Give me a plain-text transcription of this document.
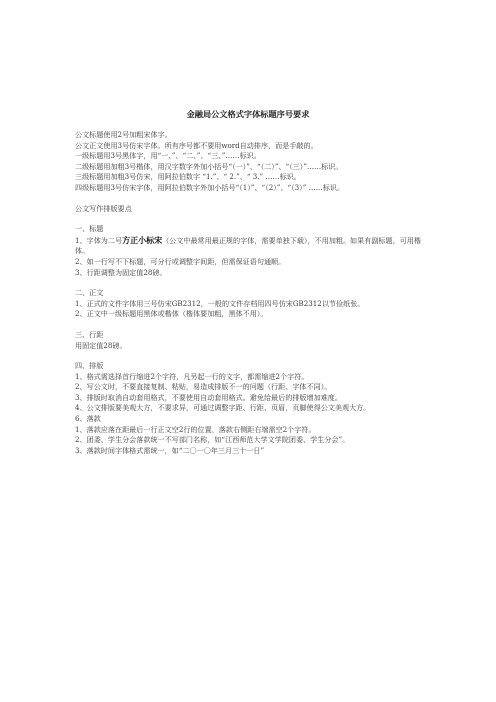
金融局公文格式字体标题序号要求

公文标题使用2号加粗宋体字。

公文正文使用3号仿宋字体。所有序号都不要用word自动排序，而是手敲的。

一级标题用3号黑体字，用“一、”、“二、”、“三、”……标识。

二级标题用加粗3号楷体，用汉字数字外加小括号“（一）”、“（二）”、“（三）”……标识。

三级标题用加粗3号仿宋，用阿拉伯数字 “1.”、“ 2.”、“ 3.” ……标识。

四级标题用3号仿宋字体，用阿拉伯数字外加小括号“（1）”、“（2）”、“（3）” ……标识。

公文写作排版要点

一、标题

1、字体为二号方正小标宋（公文中最常用最正规的字体，需要单独下载），不用加粗。如果有副标题，可用楷体。

2、如一行写不下标题，可分行或调整字间距，但需保证语句通顺。

3、行距调整为固定值28磅。

二、正文

1、正式的文件字体用三号仿宋GB2312，一般的文件存档用四号仿宋GB2312以节俭纸张。

2、正文中一级标题用黑体或楷体（楷体要加粗，黑体不用）。

三、行距

用固定值28磅。

四、排版

1、格式需选择首行缩进2个字符，凡另起一行的文字，都需缩进2个字符。

2、写公文时，不要直接复制、粘贴，易造成排版不一的问题（行距、字体不同）。

3、排版时取消自动套用格式，不要使用自动套用格式。避免给最后的排版增加难度。

4、公文排版要美观大方，不要求异，可通过调整字距、行距、页眉，页脚使得公文美观大方。

6、落款

1、落款应落在距最后一行正文空2行的位置，落款右侧距右端需空2个字符。

2、团委、学生分会落款统一不写部门名称，如“江西师范大学文学院团委、学生分会”。

3、落款时间字体格式需统一，如“二〇一〇年三月三十一日”
